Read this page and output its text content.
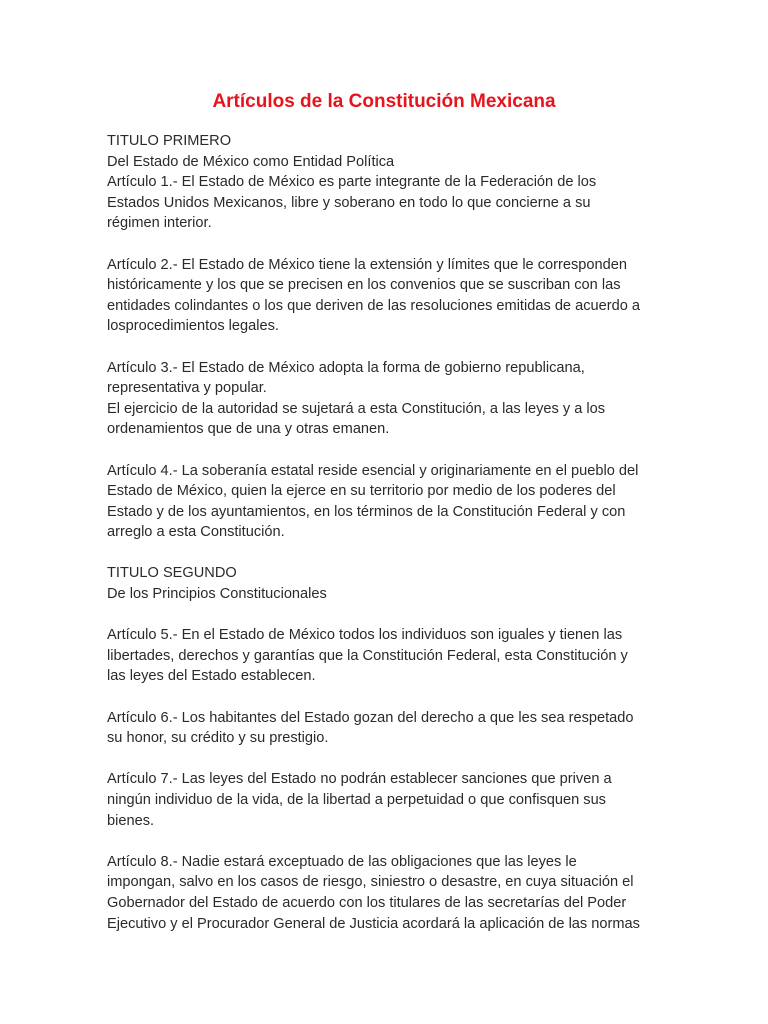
Artículos de la Constitución Mexicana

TITULO PRIMERO
Del Estado de México como Entidad Política
Artículo 1.- El Estado de México es parte integrante de la Federación de los
Estados Unidos Mexicanos, libre y soberano en todo lo que concierne a su
régimen interior.

Artículo 2.- El Estado de México tiene la extensión y límites que le corresponden
históricamente y los que se precisen en los convenios que se suscriban con las
entidades colindantes o los que deriven de las resoluciones emitidas de acuerdo a
losprocedimientos legales.

Artículo 3.- El Estado de México adopta la forma de gobierno republicana,
representativa y popular.
El ejercicio de la autoridad se sujetará a esta Constitución, a las leyes y a los
ordenamientos que de una y otras emanen.

Artículo 4.- La soberanía estatal reside esencial y originariamente en el pueblo del
Estado de México, quien la ejerce en su territorio por medio de los poderes del
Estado y de los ayuntamientos, en los términos de la Constitución Federal y con
arreglo a esta Constitución.

TITULO SEGUNDO
De los Principios Constitucionales

Artículo 5.- En el Estado de México todos los individuos son iguales y tienen las
libertades, derechos y garantías que la Constitución Federal, esta Constitución y
las leyes del Estado establecen.

Artículo 6.- Los habitantes del Estado gozan del derecho a que les sea respetado
su honor, su crédito y su prestigio.

Artículo 7.- Las leyes del Estado no podrán establecer sanciones que priven a
ningún individuo de la vida, de la libertad a perpetuidad o que confisquen sus
bienes.

Artículo 8.- Nadie estará exceptuado de las obligaciones que las leyes le
impongan, salvo en los casos de riesgo, siniestro o desastre, en cuya situación el
Gobernador del Estado de acuerdo con los titulares de las secretarías del Poder
Ejecutivo y el Procurador General de Justicia acordará la aplicación de las normas
